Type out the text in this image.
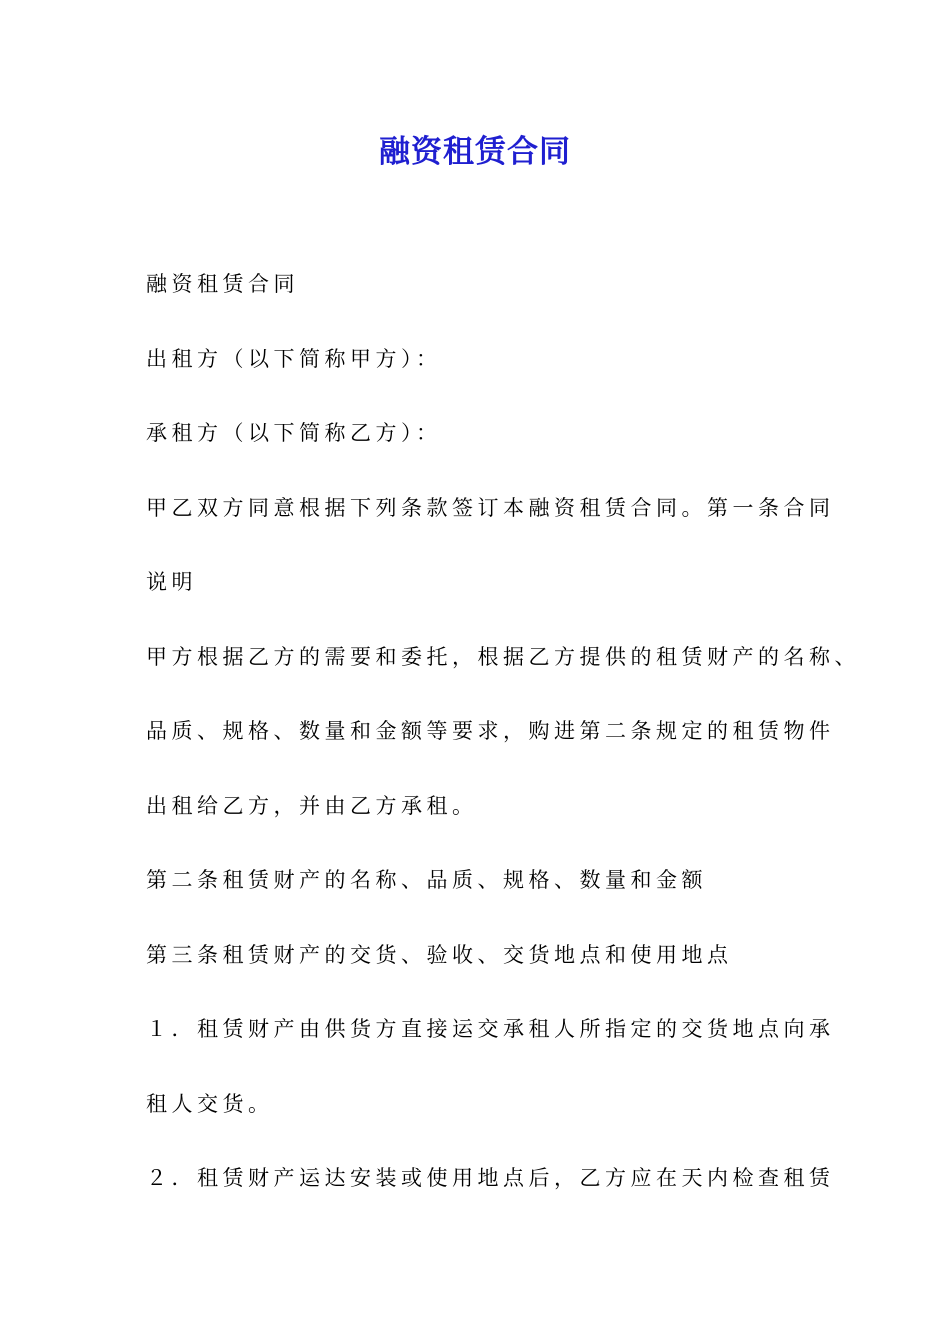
融资租赁合同
融资租赁合同
出租方（以下简称甲方）：
承租方（以下简称乙方）：
甲乙双方同意根据下列条款签订本融资租赁合同。第一条合同
说明
甲方根据乙方的需要和委托，根据乙方提供的租赁财产的名称、
品质、规格、数量和金额等要求，购进第二条规定的租赁物件
出租给乙方，并由乙方承租。
第二条租赁财产的名称、品质、规格、数量和金额
第三条租赁财产的交货、验收、交货地点和使用地点
１．租赁财产由供货方直接运交承租人所指定的交货地点向承
租人交货。
２．租赁财产运达安装或使用地点后，乙方应在天内检查租赁
